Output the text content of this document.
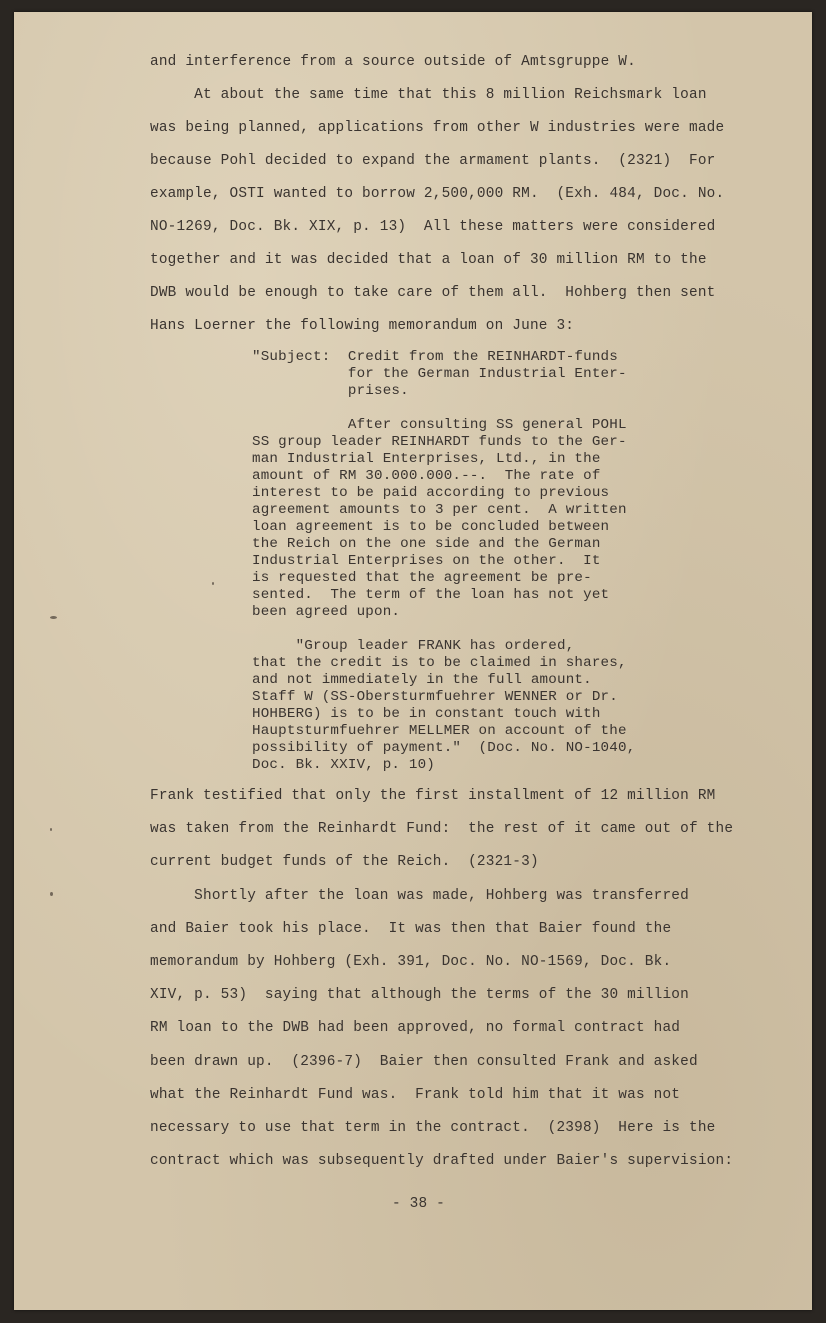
and interference from a source outside of Amtsgruppe W.
At about the same time that this 8 million Reichsmark loan
was being planned, applications from other W industries were made
because Pohl decided to expand the armament plants.  (2321)  For
example, OSTI wanted to borrow 2,500,000 RM.  (Exh. 484, Doc. No.
NO-1269, Doc. Bk. XIX, p. 13)  All these matters were considered
together and it was decided that a loan of 30 million RM to the
DWB would be enough to take care of them all.  Hohberg then sent
Hans Loerner the following memorandum on June 3:
"Subject:  Credit from the REINHARDT-funds
for the German Industrial Enter-
prises.
After consulting SS general POHL
SS group leader REINHARDT funds to the Ger-
man Industrial Enterprises, Ltd., in the
amount of RM 30.000.000.--.  The rate of
interest to be paid according to previous
agreement amounts to 3 per cent.  A written
loan agreement is to be concluded between
the Reich on the one side and the German
Industrial Enterprises on the other.  It
is requested that the agreement be pre-
sented.  The term of the loan has not yet
been agreed upon.
"Group leader FRANK has ordered,
that the credit is to be claimed in shares,
and not immediately in the full amount.
Staff W (SS-Obersturmfuehrer WENNER or Dr.
HOHBERG) is to be in constant touch with
Hauptsturmfuehrer MELLMER on account of the
possibility of payment."  (Doc. No. NO-1040,
Doc. Bk. XXIV, p. 10)
Frank testified that only the first installment of 12 million RM
was taken from the Reinhardt Fund:  the rest of it came out of the
current budget funds of the Reich.  (2321-3)
Shortly after the loan was made, Hohberg was transferred
and Baier took his place.  It was then that Baier found the
memorandum by Hohberg (Exh. 391, Doc. No. NO-1569, Doc. Bk.
XIV, p. 53)  saying that although the terms of the 30 million
RM loan to the DWB had been approved, no formal contract had
been drawn up.  (2396-7)  Baier then consulted Frank and asked
what the Reinhardt Fund was.  Frank told him that it was not
necessary to use that term in the contract.  (2398)  Here is the
contract which was subsequently drafted under Baier's supervision:
- 38 -
